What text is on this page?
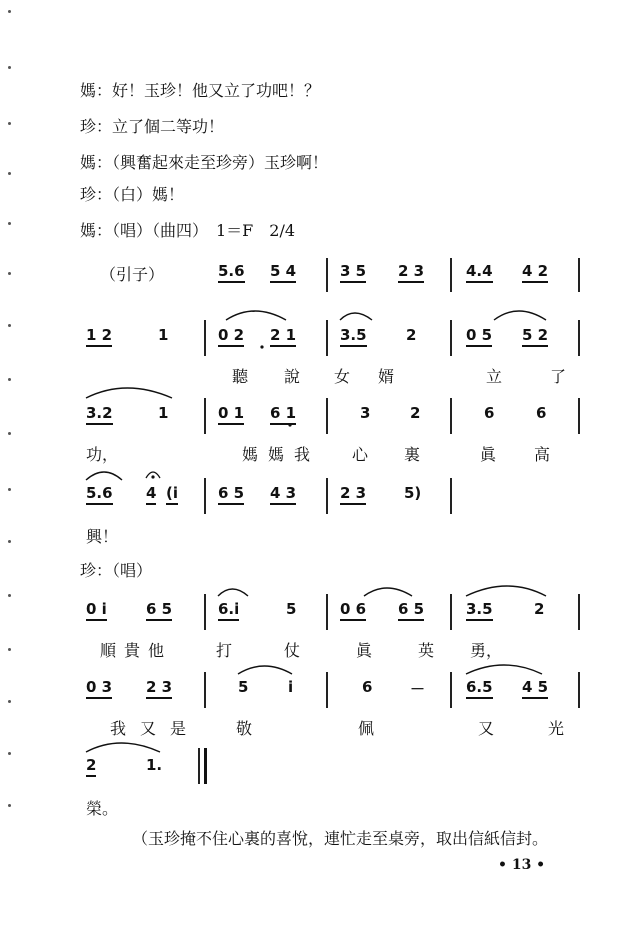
媽：好！玉珍！他又立了功吧！？
珍：立了個二等功！
媽：（興奮起來走至珍旁）玉珍啊！
珍：（白）媽！
媽：（唱）（曲四）　1＝F　2/4
（引子）	5.6 5 4	3 5 2 3	4.4 4 2
1 2	1	0 2 2 1	3.5	2	0 5 5 2
聽 說 女 婿	立	了
3.2	1	0 1 6 1	3	2	6	6
功，	媽 媽 我	心 裏	眞 高
5.6 4 (i	6 5 4 3	2 3	5)
興！
珍：（唱）
0 i	6 5	6.i	5	0 6 6 5	3.5	2
順 貴 他	打	仗	眞	英 勇，
0 3 2 3	5	i	6	－	6.5 4 5
我 又 是	敬	佩	又	光
2	1.
榮。
（玉珍掩不住心裏的喜悅，連忙走至桌旁，取出信紙信封。
• 13 •
